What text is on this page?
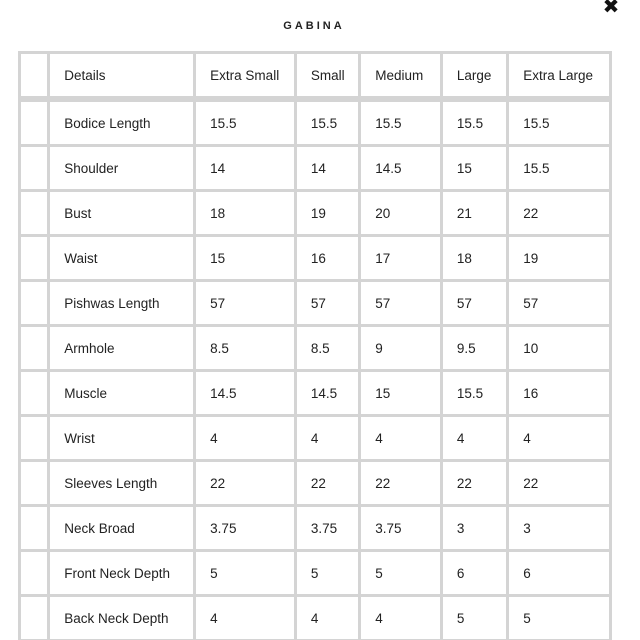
GABINA
✖
	Details	Extra Small	Small	Medium	Large	Extra Large
	Bodice Length	15.5	15.5	15.5	15.5	15.5
	Shoulder	14	14	14.5	15	15.5
	Bust	18	19	20	21	22
	Waist	15	16	17	18	19
	Pishwas Length	57	57	57	57	57
	Armhole	8.5	8.5	9	9.5	10
	Muscle	14.5	14.5	15	15.5	16
	Wrist	4	4	4	4	4
	Sleeves Length	22	22	22	22	22
	Neck Broad	3.75	3.75	3.75	3	3
	Front Neck Depth	5	5	5	6	6
	Back Neck Depth	4	4	4	5	5
